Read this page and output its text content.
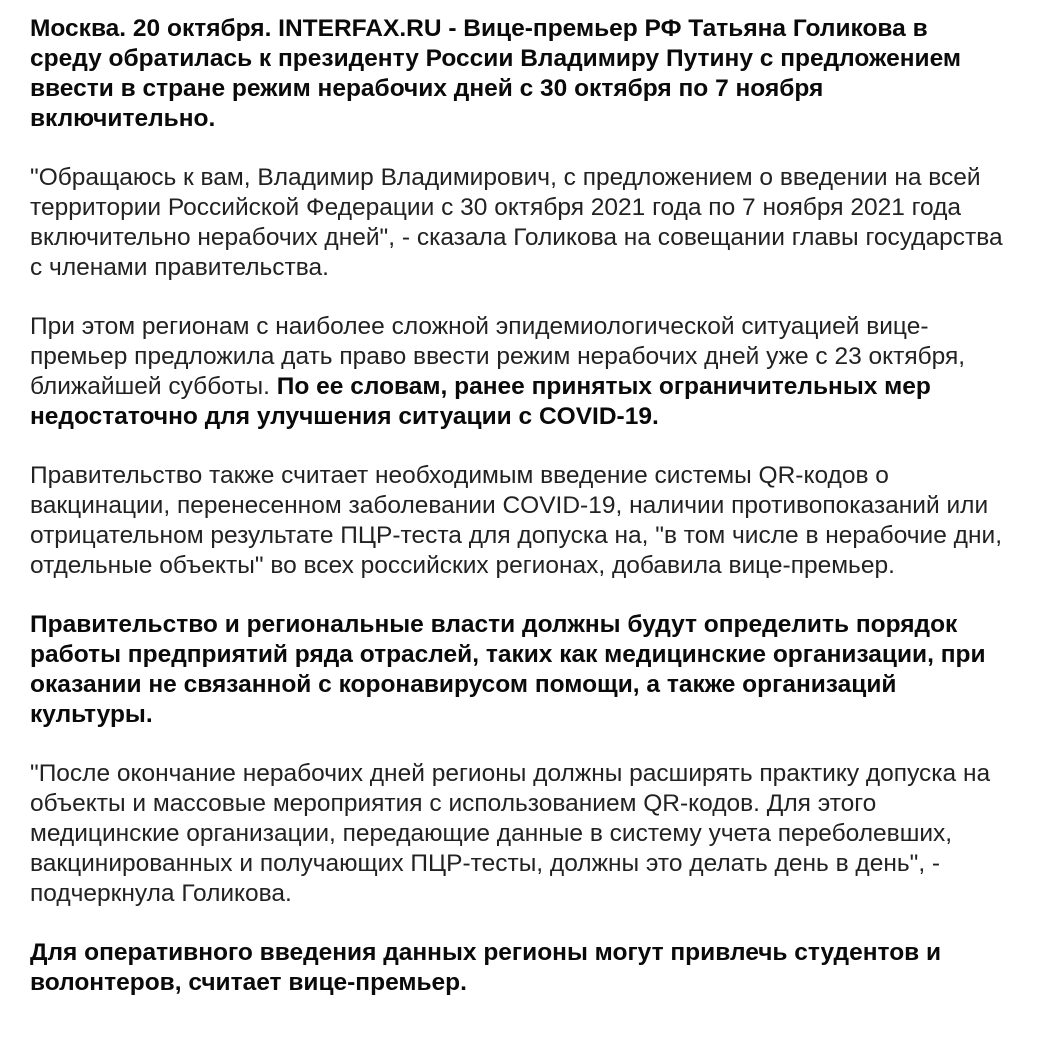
Москва. 20 октября. INTERFAX.RU - Вице-премьер РФ Татьяна Голикова в среду обратилась к президенту России Владимиру Путину с предложением ввести в стране режим нерабочих дней с 30 октября по 7 ноября включительно.

"Обращаюсь к вам, Владимир Владимирович, с предложением о введении на всей территории Российской Федерации с 30 октября 2021 года по 7 ноября 2021 года включительно нерабочих дней", - сказала Голикова на совещании главы государства с членами правительства.

При этом регионам с наиболее сложной эпидемиологической ситуацией вице-премьер предложила дать право ввести режим нерабочих дней уже с 23 октября, ближайшей субботы. По ее словам, ранее принятых ограничительных мер недостаточно для улучшения ситуации с COVID-19.

Правительство также считает необходимым введение системы QR-кодов о вакцинации, перенесенном заболевании COVID-19, наличии противопоказаний или отрицательном результате ПЦР-теста для допуска на, "в том числе в нерабочие дни, отдельные объекты" во всех российских регионах, добавила вице-премьер.

Правительство и региональные власти должны будут определить порядок работы предприятий ряда отраслей, таких как медицинские организации, при оказании не связанной с коронавирусом помощи, а также организаций культуры.

"После окончание нерабочих дней регионы должны расширять практику допуска на объекты и массовые мероприятия с использованием QR-кодов. Для этого медицинские организации, передающие данные в систему учета переболевших, вакцинированных и получающих ПЦР-тесты, должны это делать день в день", - подчеркнула Голикова.

Для оперативного введения данных регионы могут привлечь студентов и волонтеров, считает вице-премьер.
